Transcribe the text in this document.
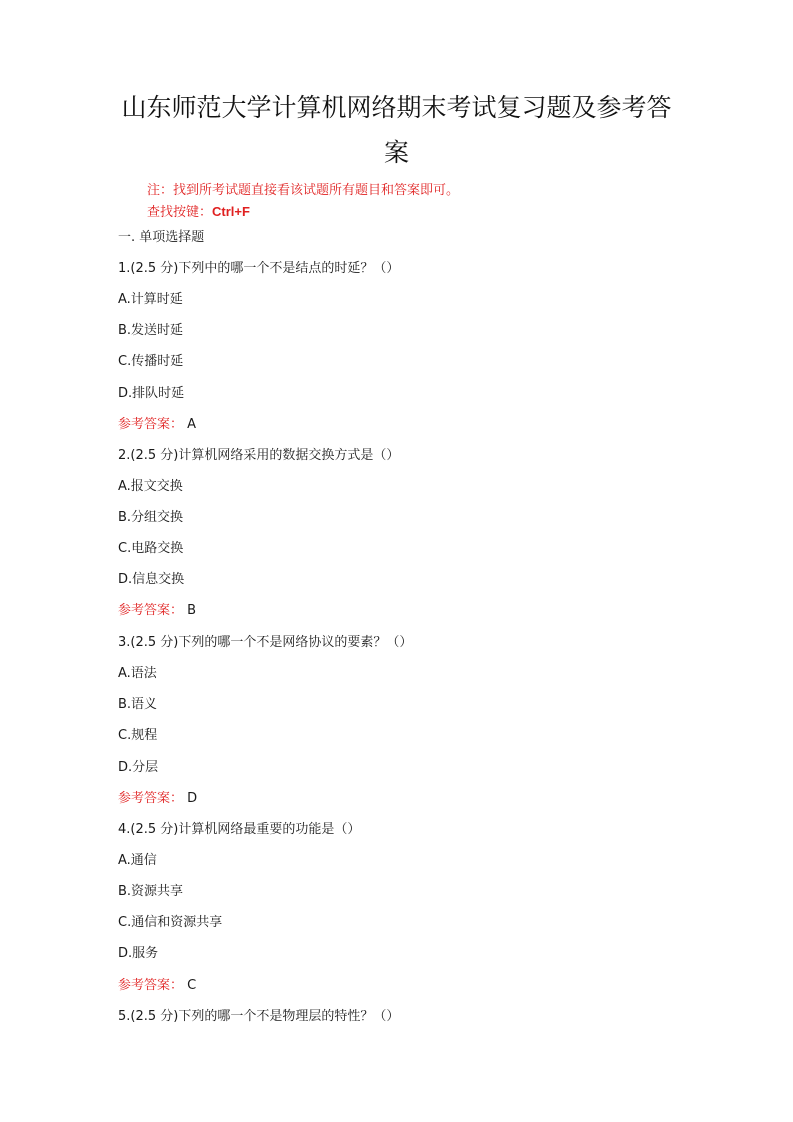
山东师范大学计算机网络期末考试复习题及参考答
案
注：找到所考试题直接看该试题所有题目和答案即可。
查找按键：Ctrl+F
一. 单项选择题
1.(2.5 分)下列中的哪一个不是结点的时延？（）
A.计算时延
B.发送时延
C.传播时延
D.排队时延
参考答案： A
2.(2.5 分)计算机网络采用的数据交换方式是（）
A.报文交换
B.分组交换
C.电路交换
D.信息交换
参考答案： B
3.(2.5 分)下列的哪一个不是网络协议的要素？（）
A.语法
B.语义
C.规程
D.分层
参考答案： D
4.(2.5 分)计算机网络最重要的功能是（）
A.通信
B.资源共享
C.通信和资源共享
D.服务
参考答案： C
5.(2.5 分)下列的哪一个不是物理层的特性？（）
